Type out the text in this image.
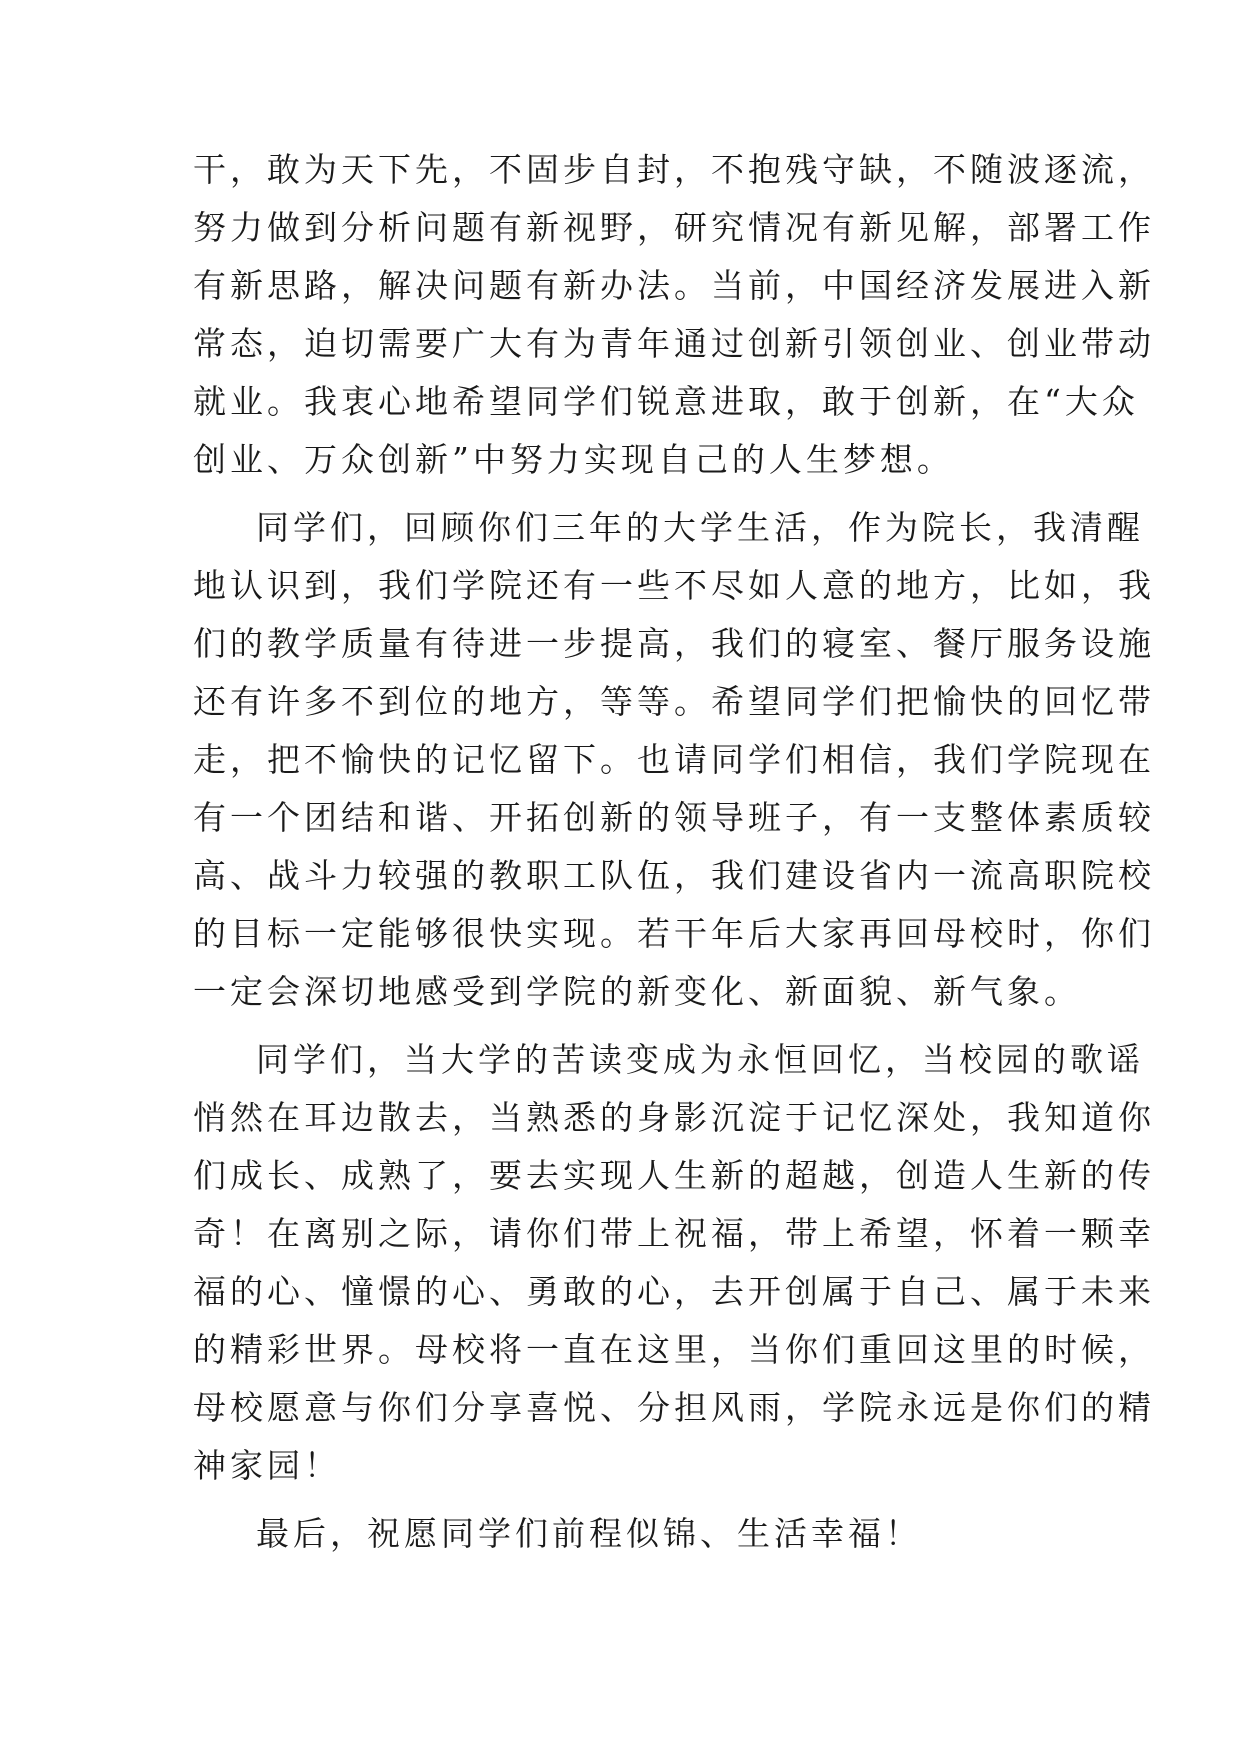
干，敢为天下先，不固步自封，不抱残守缺，不随波逐流，

努力做到分析问题有新视野，研究情况有新见解，部署工作

有新思路，解决问题有新办法。当前，中国经济发展进入新

常态，迫切需要广大有为青年通过创新引领创业、创业带动

就业。我衷心地希望同学们锐意进取，敢于创新，在“大众

创业、万众创新”中努力实现自己的人生梦想。

同学们，回顾你们三年的大学生活，作为院长，我清醒

地认识到，我们学院还有一些不尽如人意的地方，比如，我

们的教学质量有待进一步提高，我们的寝室、餐厅服务设施

还有许多不到位的地方，等等。希望同学们把愉快的回忆带

走，把不愉快的记忆留下。也请同学们相信，我们学院现在

有一个团结和谐、开拓创新的领导班子，有一支整体素质较

高、战斗力较强的教职工队伍，我们建设省内一流高职院校

的目标一定能够很快实现。若干年后大家再回母校时，你们

一定会深切地感受到学院的新变化、新面貌、新气象。

同学们，当大学的苦读变成为永恒回忆，当校园的歌谣

悄然在耳边散去，当熟悉的身影沉淀于记忆深处，我知道你

们成长、成熟了，要去实现人生新的超越，创造人生新的传

奇！在离别之际，请你们带上祝福，带上希望，怀着一颗幸

福的心、憧憬的心、勇敢的心，去开创属于自己、属于未来

的精彩世界。母校将一直在这里，当你们重回这里的时候，

母校愿意与你们分享喜悦、分担风雨，学院永远是你们的精

神家园！

最后，祝愿同学们前程似锦、生活幸福！
